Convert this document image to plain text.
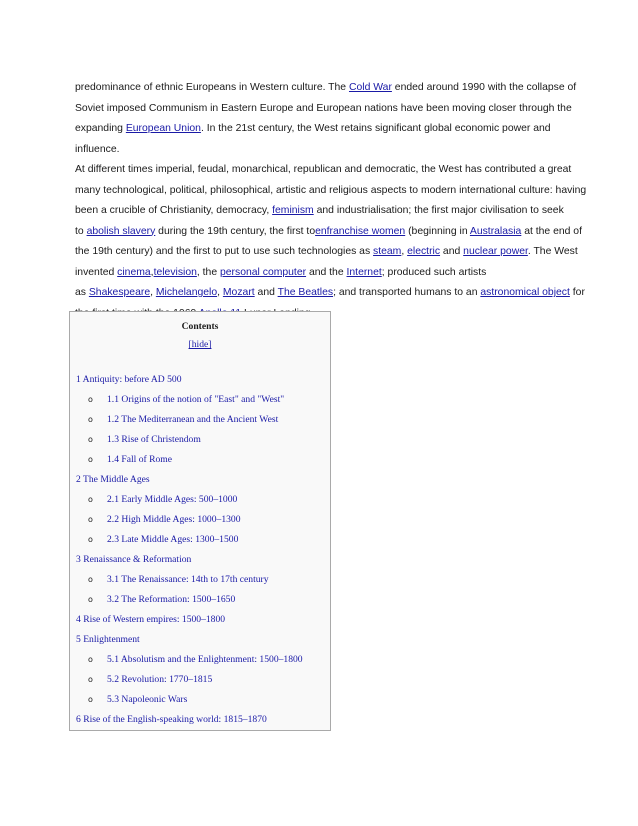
predominance of ethnic Europeans in Western culture. The Cold War ended around 1990 with the collapse of
Soviet imposed Communism in Eastern Europe and European nations have been moving closer through the
expanding European Union. In the 21st century, the West retains significant global economic power and
influence.
At different times imperial, feudal, monarchical, republican and democratic, the West has contributed a great
many technological, political, philosophical, artistic and religious aspects to modern international culture: having
been a crucible of Christianity, democracy, feminism and industrialisation; the first major civilisation to seek
to abolish slavery during the 19th century, the first toenfranchise women (beginning in Australasia at the end of
the 19th century) and the first to put to use such technologies as steam, electric and nuclear power. The West
invented cinema,television, the personal computer and the Internet; produced such artists
as Shakespeare, Michelangelo, Mozart and The Beatles; and transported humans to an astronomical object for
Contents
[hide]
1 Antiquity: before AD 500
o 1.1 Origins of the notion of "East" and "West"
o 1.2 The Mediterranean and the Ancient West
o 1.3 Rise of Christendom
o 1.4 Fall of Rome
2 The Middle Ages
o 2.1 Early Middle Ages: 500–1000
o 2.2 High Middle Ages: 1000–1300
o 2.3 Late Middle Ages: 1300–1500
3 Renaissance & Reformation
o 3.1 The Renaissance: 14th to 17th century
o 3.2 The Reformation: 1500–1650
4 Rise of Western empires: 1500–1800
5 Enlightenment
o 5.1 Absolutism and the Enlightenment: 1500–1800
o 5.2 Revolution: 1770–1815
o 5.3 Napoleonic Wars
6 Rise of the English-speaking world: 1815–1870
